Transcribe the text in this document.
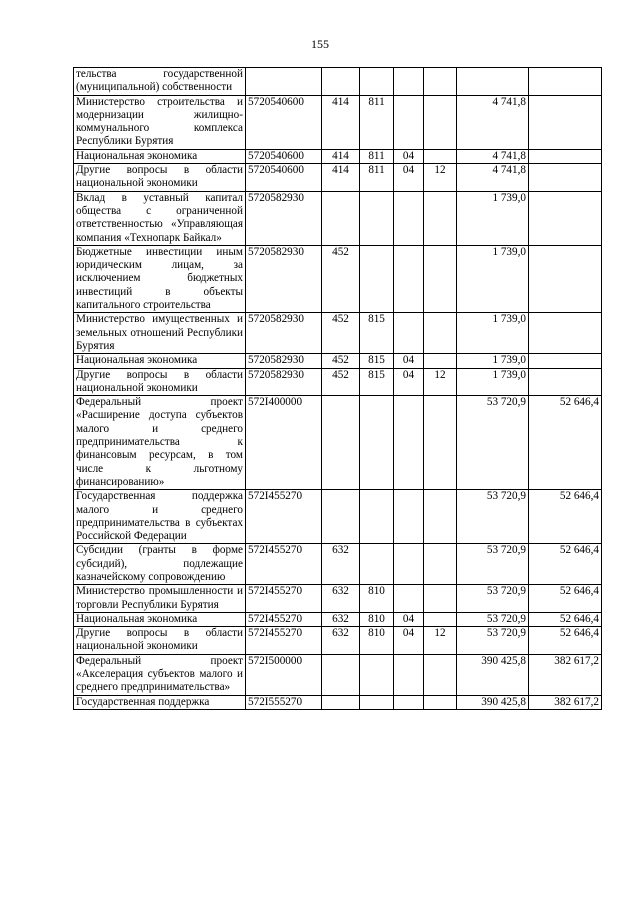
155
тельства государственной (муниципальной) собственности							
Министерство строительства и модернизации жилищно-коммунального комплекса Республики Бурятия	5720540600	414	811			4 741,8	
Национальная экономика	5720540600	414	811	04		4 741,8	
Другие вопросы в области национальной экономики	5720540600	414	811	04	12	4 741,8	
Вклад в уставный капитал общества с ограниченной ответственностью «Управляющая компания «Технопарк Байкал»	5720582930					1 739,0	
Бюджетные инвестиции иным юридическим лицам, за исключением бюджетных инвестиций в объекты капитального строительства	5720582930	452				1 739,0	
Министерство имущественных и земельных отношений Республики Бурятия	5720582930	452	815			1 739,0	
Национальная экономика	5720582930	452	815	04		1 739,0	
Другие вопросы в области национальной экономики	5720582930	452	815	04	12	1 739,0	
Федеральный проект «Расширение доступа субъектов малого и среднего предпринимательства к финансовым ресурсам, в том числе к льготному финансированию»	572I400000					53 720,9	52 646,4
Государственная поддержка малого и среднего предпринимательства в субъектах Российской Федерации	572I455270					53 720,9	52 646,4
Субсидии (гранты в форме субсидий), подлежащие казначейскому сопровождению	572I455270	632				53 720,9	52 646,4
Министерство промышленности и торговли Республики Бурятия	572I455270	632	810			53 720,9	52 646,4
Национальная экономика	572I455270	632	810	04		53 720,9	52 646,4
Другие вопросы в области национальной экономики	572I455270	632	810	04	12	53 720,9	52 646,4
Федеральный проект «Акселерация субъектов малого и среднего предпринимательства»	572I500000					390 425,8	382 617,2
Государственная поддержка	572I555270					390 425,8	382 617,2
